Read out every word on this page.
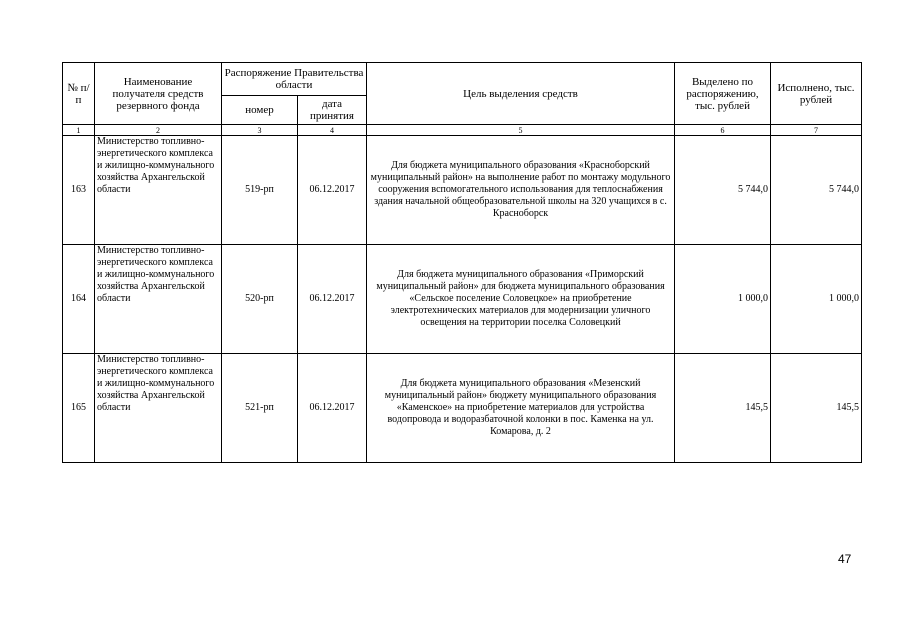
№ п/п	Наименование получателя средств резервного фонда	Распоряжение Правительства области		Цель выделения средств	Выделено по распоряжению, тыс. рублей	Исполнено, тыс. рублей
		номер	дата принятия			
1	2	3	4	5	6	7
163	Министерство топливно-энергетического комплекса и жилищно-коммунального хозяйства Архангельской области	519-рп	06.12.2017	Для бюджета муниципального образования «Красноборский муниципальный район» на выполнение работ по монтажу модульного сооружения вспомогательного использования для теплоснабжения здания начальной общеобразовательной школы на 320 учащихся в с. Красноборск	5 744,0	5 744,0
164	Министерство топливно-энергетического комплекса и жилищно-коммунального хозяйства Архангельской области	520-рп	06.12.2017	Для бюджета муниципального образования «Приморский муниципальный район» для бюджета муниципального образования «Сельское поселение Соловецкое» на приобретение электротехнических материалов для модернизации уличного освещения на территории поселка Соловецкий	1 000,0	1 000,0
165	Министерство топливно-энергетического комплекса и жилищно-коммунального хозяйства Архангельской области	521-рп	06.12.2017	Для бюджета муниципального образования «Мезенский муниципальный район» бюджету муниципального образования «Каменское» на приобретение материалов для устройства водопровода и водоразбаточной колонки в пос. Каменка на ул. Комарова, д. 2	145,5	145,5
47
